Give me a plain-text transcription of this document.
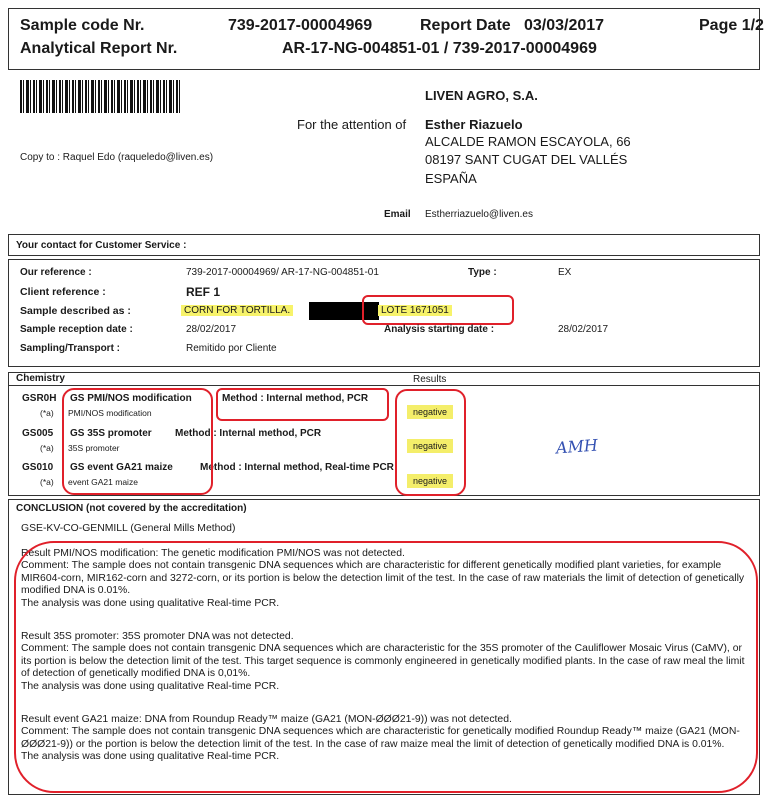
Sample code Nr.	739-2017-00004969	Report Date 03/03/2017	Page 1/2
Analytical Report Nr.	AR-17-NG-004851-01 / 739-2017-00004969
LIVEN AGRO, S.A.
For the attention of Esther Riazuelo
ALCALDE RAMON ESCAYOLA, 66
08197 SANT CUGAT DEL VALLÉS
ESPAÑA
Copy to : Raquel Edo (raqueledo@liven.es)
Email Estherriazuelo@liven.es
Your contact for Customer Service :
Our reference :	739-2017-00004969/ AR-17-NG-004851-01	Type :	EX
Client reference :	REF 1
Sample described as :	CORN FOR TORTILLA.	LOTE 1671051
Sample reception date :	28/02/2017	Analysis starting date :	28/02/2017
Sampling/Transport :	Remitido por Cliente
Chemistry	Results
GSR0H GS PMI/NOS modification	Method : Internal method, PCR
(*a) PMI/NOS modification	negative
GS005 GS 35S promoter Method : Internal method, PCR
(*a) 35S promoter	negative
GS010 GS event GA21 maize	Method : Internal method, Real-time PCR
(*a) event GA21 maize	negative
AMH
CONCLUSION (not covered by the accreditation)
GSE-KV-CO-GENMILL (General Mills Method)

Result PMI/NOS modification: The genetic modification PMI/NOS was not detected.

Comment: The sample does not contain transgenic DNA sequences which are characteristic for different genetically modified plant varieties, for example MIR604-corn, MIR162-corn and 3272-corn, or its portion is below the detection limit of the test. In the case of raw materials the limit of detection of genetically modified DNA is 0.01%.

The analysis was done using qualitative Real-time PCR.

Result 35S promoter: 35S promoter DNA was not detected.

Comment: The sample does not contain transgenic DNA sequences which are characteristic for the 35S promoter of the Cauliflower Mosaic Virus (CaMV), or its portion is below the detection limit of the test. This target sequence is commonly engineered in genetically modified plants. In the case of raw meal the limit of detection of genetically modified DNA is 0,01%.

The analysis was done using qualitative Real-time PCR.

Result event GA21 maize: DNA from Roundup Ready™ maize (GA21 (MON-ØØØ21-9)) was not detected.

Comment: The sample does not contain transgenic DNA sequences which are characteristic for genetically modified Roundup Ready™ maize (GA21 (MON-ØØØ21-9)) or the portion is below the detection limit of the test. In the case of raw maize meal the limit of detection of genetically modified DNA is 0.01%.

The analysis was done using qualitative Real-time PCR.
